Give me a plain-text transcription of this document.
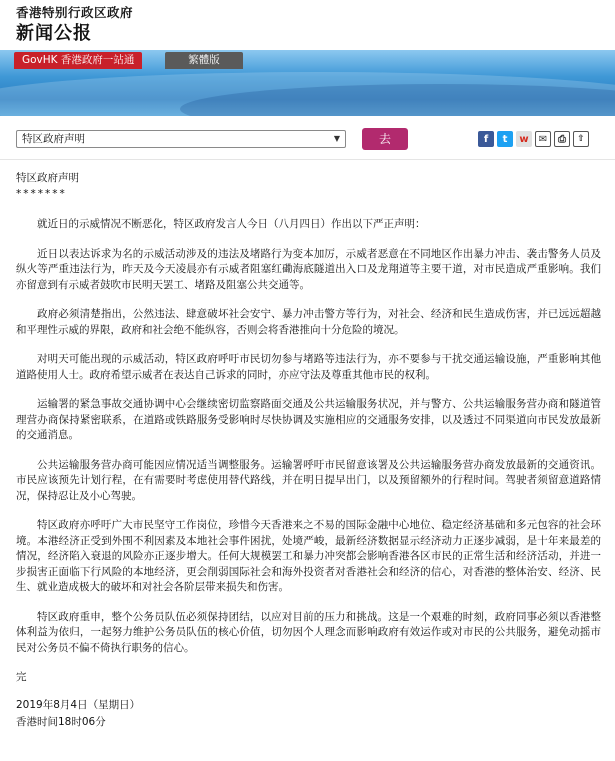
香港特别行政区政府
新闻公报
GovHK 香港政府一站通	繁體版
特区政府声明	▼	去	f	t	w	✉	⎙	⇧
特区政府声明
*******
就近日的示威情况不断恶化，特区政府发言人今日（八月四日）作出以下严正声明：
近日以表达诉求为名的示威活动涉及的违法及堵路行为变本加厉，示威者恶意在不同地区作出暴力冲击、袭击警务人员及纵火等严重违法行为，昨天及今天凌晨亦有示威者阻塞红磡海底隧道出入口及龙翔道等主要干道，对市民造成严重影响。我们亦留意到有示威者鼓吹市民明天罢工、堵路及阻塞公共交通等。
政府必须清楚指出，公然违法、肆意破坏社会安宁、暴力冲击警方等行为，对社会、经济和民生造成伤害，并已远远超越和平理性示威的界限，政府和社会绝不能纵容，否则会将香港推向十分危险的境况。
对明天可能出现的示威活动，特区政府呼吁市民切勿参与堵路等违法行为，亦不要参与干扰交通运输设施，严重影响其他道路使用人士。政府希望示威者在表达自己诉求的同时，亦应守法及尊重其他市民的权利。
运输署的紧急事故交通协调中心会继续密切监察路面交通及公共运输服务状况，并与警方、公共运输服务营办商和隧道管理营办商保持紧密联系，在道路或铁路服务受影响时尽快协调及实施相应的交通服务安排，以及透过不同渠道向市民发放最新的交通消息。
公共运输服务营办商可能因应情况适当调整服务。运输署呼吁市民留意该署及公共运输服务营办商发放最新的交通资讯。市民应该预先计划行程，在有需要时考虑使用替代路线，并在明日提早出门，以及预留额外的行程时间。驾驶者须留意道路情况，保持忍让及小心驾驶。
特区政府亦呼吁广大市民坚守工作岗位，珍惜今天香港来之不易的国际金融中心地位、稳定经济基础和多元包容的社会环境。本港经济正受到外围不利因素及本地社会事件困扰，处境严峻，最新经济数据显示经济动力正逐步减弱，是十年来最差的情况，经济陷入衰退的风险亦正逐步增大。任何大规模罢工和暴力冲突都会影响香港各区市民的正常生活和经济活动，并进一步损害正面临下行风险的本地经济，更会削弱国际社会和海外投资者对香港社会和经济的信心，对香港的整体治安、经济、民生、就业造成极大的破坏和对社会各阶层带来损失和伤害。
特区政府重申，整个公务员队伍必须保持团结，以应对目前的压力和挑战。这是一个艰难的时刻，政府同事必须以香港整体利益为依归，一起努力维护公务员队伍的核心价值，切勿因个人理念而影响政府有效运作或对市民的公共服务，避免动摇市民对公务员不偏不倚执行职务的信心。
完
2019年8月4日（星期日）
香港时间18时06分
